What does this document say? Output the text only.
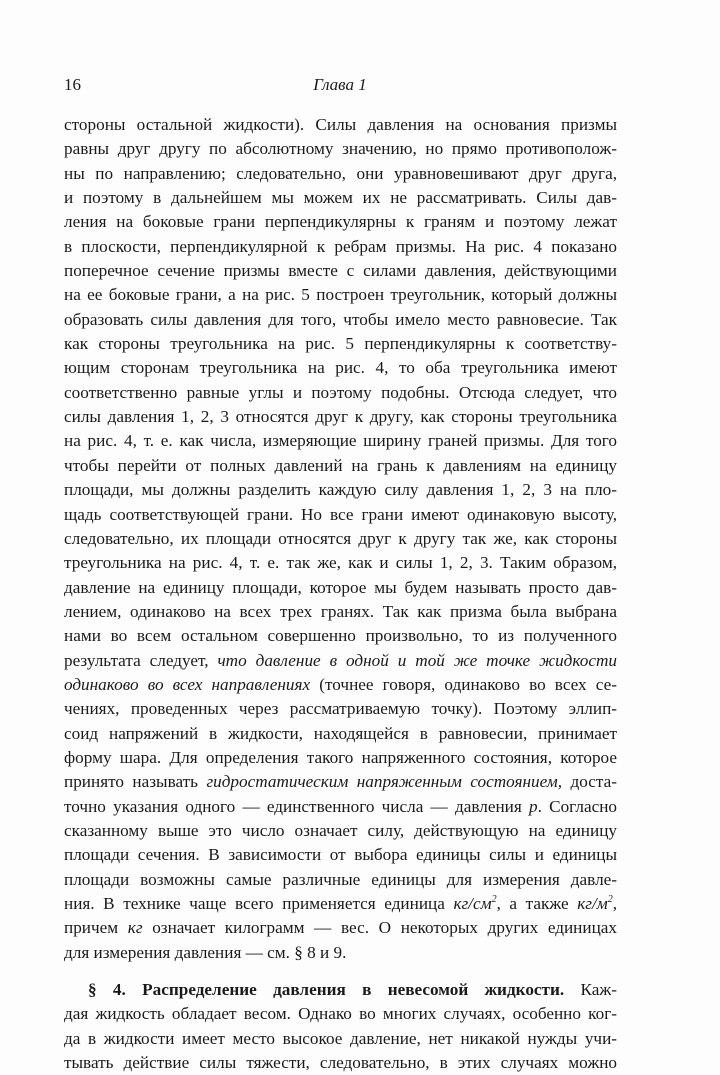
16	Глава 1
стороны остальной жидкости). Силы давления на основания призмы
равны друг другу по абсолютному значению, но прямо противополож-
ны по направлению; следовательно, они уравновешивают друг друга,
и поэтому в дальнейшем мы можем их не рассматривать. Силы дав-
ления на боковые грани перпендикулярны к граням и поэтому лежат
в плоскости, перпендикулярной к ребрам призмы. На рис. 4 показано
поперечное сечение призмы вместе с силами давления, действующими
на ее боковые грани, а на рис. 5 построен треугольник, который должны
образовать силы давления для того, чтобы имело место равновесие. Так
как стороны треугольника на рис. 5 перпендикулярны к соответству-
ющим сторонам треугольника на рис. 4, то оба треугольника имеют
соответственно равные углы и поэтому подобны. Отсюда следует, что
силы давления 1, 2, 3 относятся друг к другу, как стороны треугольника
на рис. 4, т. е. как числа, измеряющие ширину граней призмы. Для того
чтобы перейти от полных давлений на грань к давлениям на единицу
площади, мы должны разделить каждую силу давления 1, 2, 3 на пло-
щадь соответствующей грани. Но все грани имеют одинаковую высоту,
следовательно, их площади относятся друг к другу так же, как стороны
треугольника на рис. 4, т. е. так же, как и силы 1, 2, 3. Таким образом,
давление на единицу площади, которое мы будем называть просто дав-
лением, одинаково на всех трех гранях. Так как призма была выбрана
нами во всем остальном совершенно произвольно, то из полученного
результата следует, что давление в одной и той же точке жидкости
одинаково во всех направлениях (точнее говоря, одинаково во всех се-
чениях, проведенных через рассматриваемую точку). Поэтому эллип-
соид напряжений в жидкости, находящейся в равновесии, принимает
форму шара. Для определения такого напряженного состояния, которое
принято называть гидростатическим напряженным состоянием, доста-
точно указания одного — единственного числа — давления p. Согласно
сказанному выше это число означает силу, действующую на единицу
площади сечения. В зависимости от выбора единицы силы и единицы
площади возможны самые различные единицы для измерения давле-
ния. В технике чаще всего применяется единица $кг/см^2$, а также $кг/м^2$,
причем кг означает килограмм — вес. О некоторых других единицах
для измерения давления — см. § 8 и 9.
§ 4. Распределение давления в невесомой жидкости. Каж-
дая жидкость обладает весом. Однако во многих случаях, особенно ког-
да в жидкости имеет место высокое давление, нет никакой нужды учи-
тывать действие силы тяжести, следовательно, в этих случаях можно
